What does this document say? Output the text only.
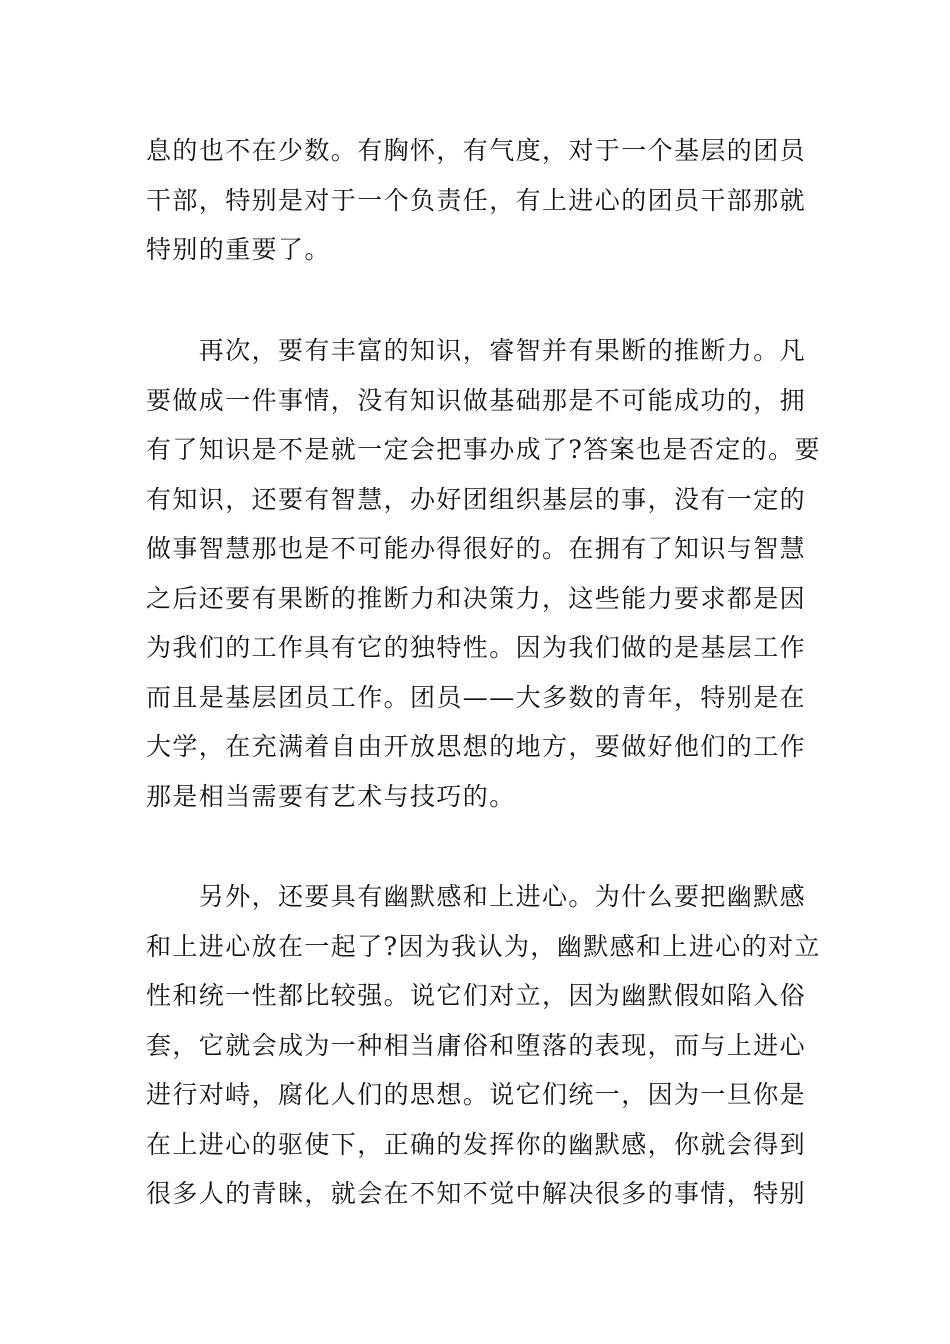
息的也不在少数。有胸怀，有气度，对于一个基层的团员
干部，特别是对于一个负责任，有上进心的团员干部那就
特别的重要了。
　　再次，要有丰富的知识，睿智并有果断的推断力。凡
要做成一件事情，没有知识做基础那是不可能成功的，拥
有了知识是不是就一定会把事办成了?答案也是否定的。要
有知识，还要有智慧，办好团组织基层的事，没有一定的
做事智慧那也是不可能办得很好的。在拥有了知识与智慧
之后还要有果断的推断力和决策力，这些能力要求都是因
为我们的工作具有它的独特性。因为我们做的是基层工作
而且是基层团员工作。团员——大多数的青年，特别是在
大学，在充满着自由开放思想的地方，要做好他们的工作
那是相当需要有艺术与技巧的。
　　另外，还要具有幽默感和上进心。为什么要把幽默感
和上进心放在一起了?因为我认为，幽默感和上进心的对立
性和统一性都比较强。说它们对立，因为幽默假如陷入俗
套，它就会成为一种相当庸俗和堕落的表现，而与上进心
进行对峙，腐化人们的思想。说它们统一，因为一旦你是
在上进心的驱使下，正确的发挥你的幽默感，你就会得到
很多人的青睐，就会在不知不觉中解决很多的事情，特别
